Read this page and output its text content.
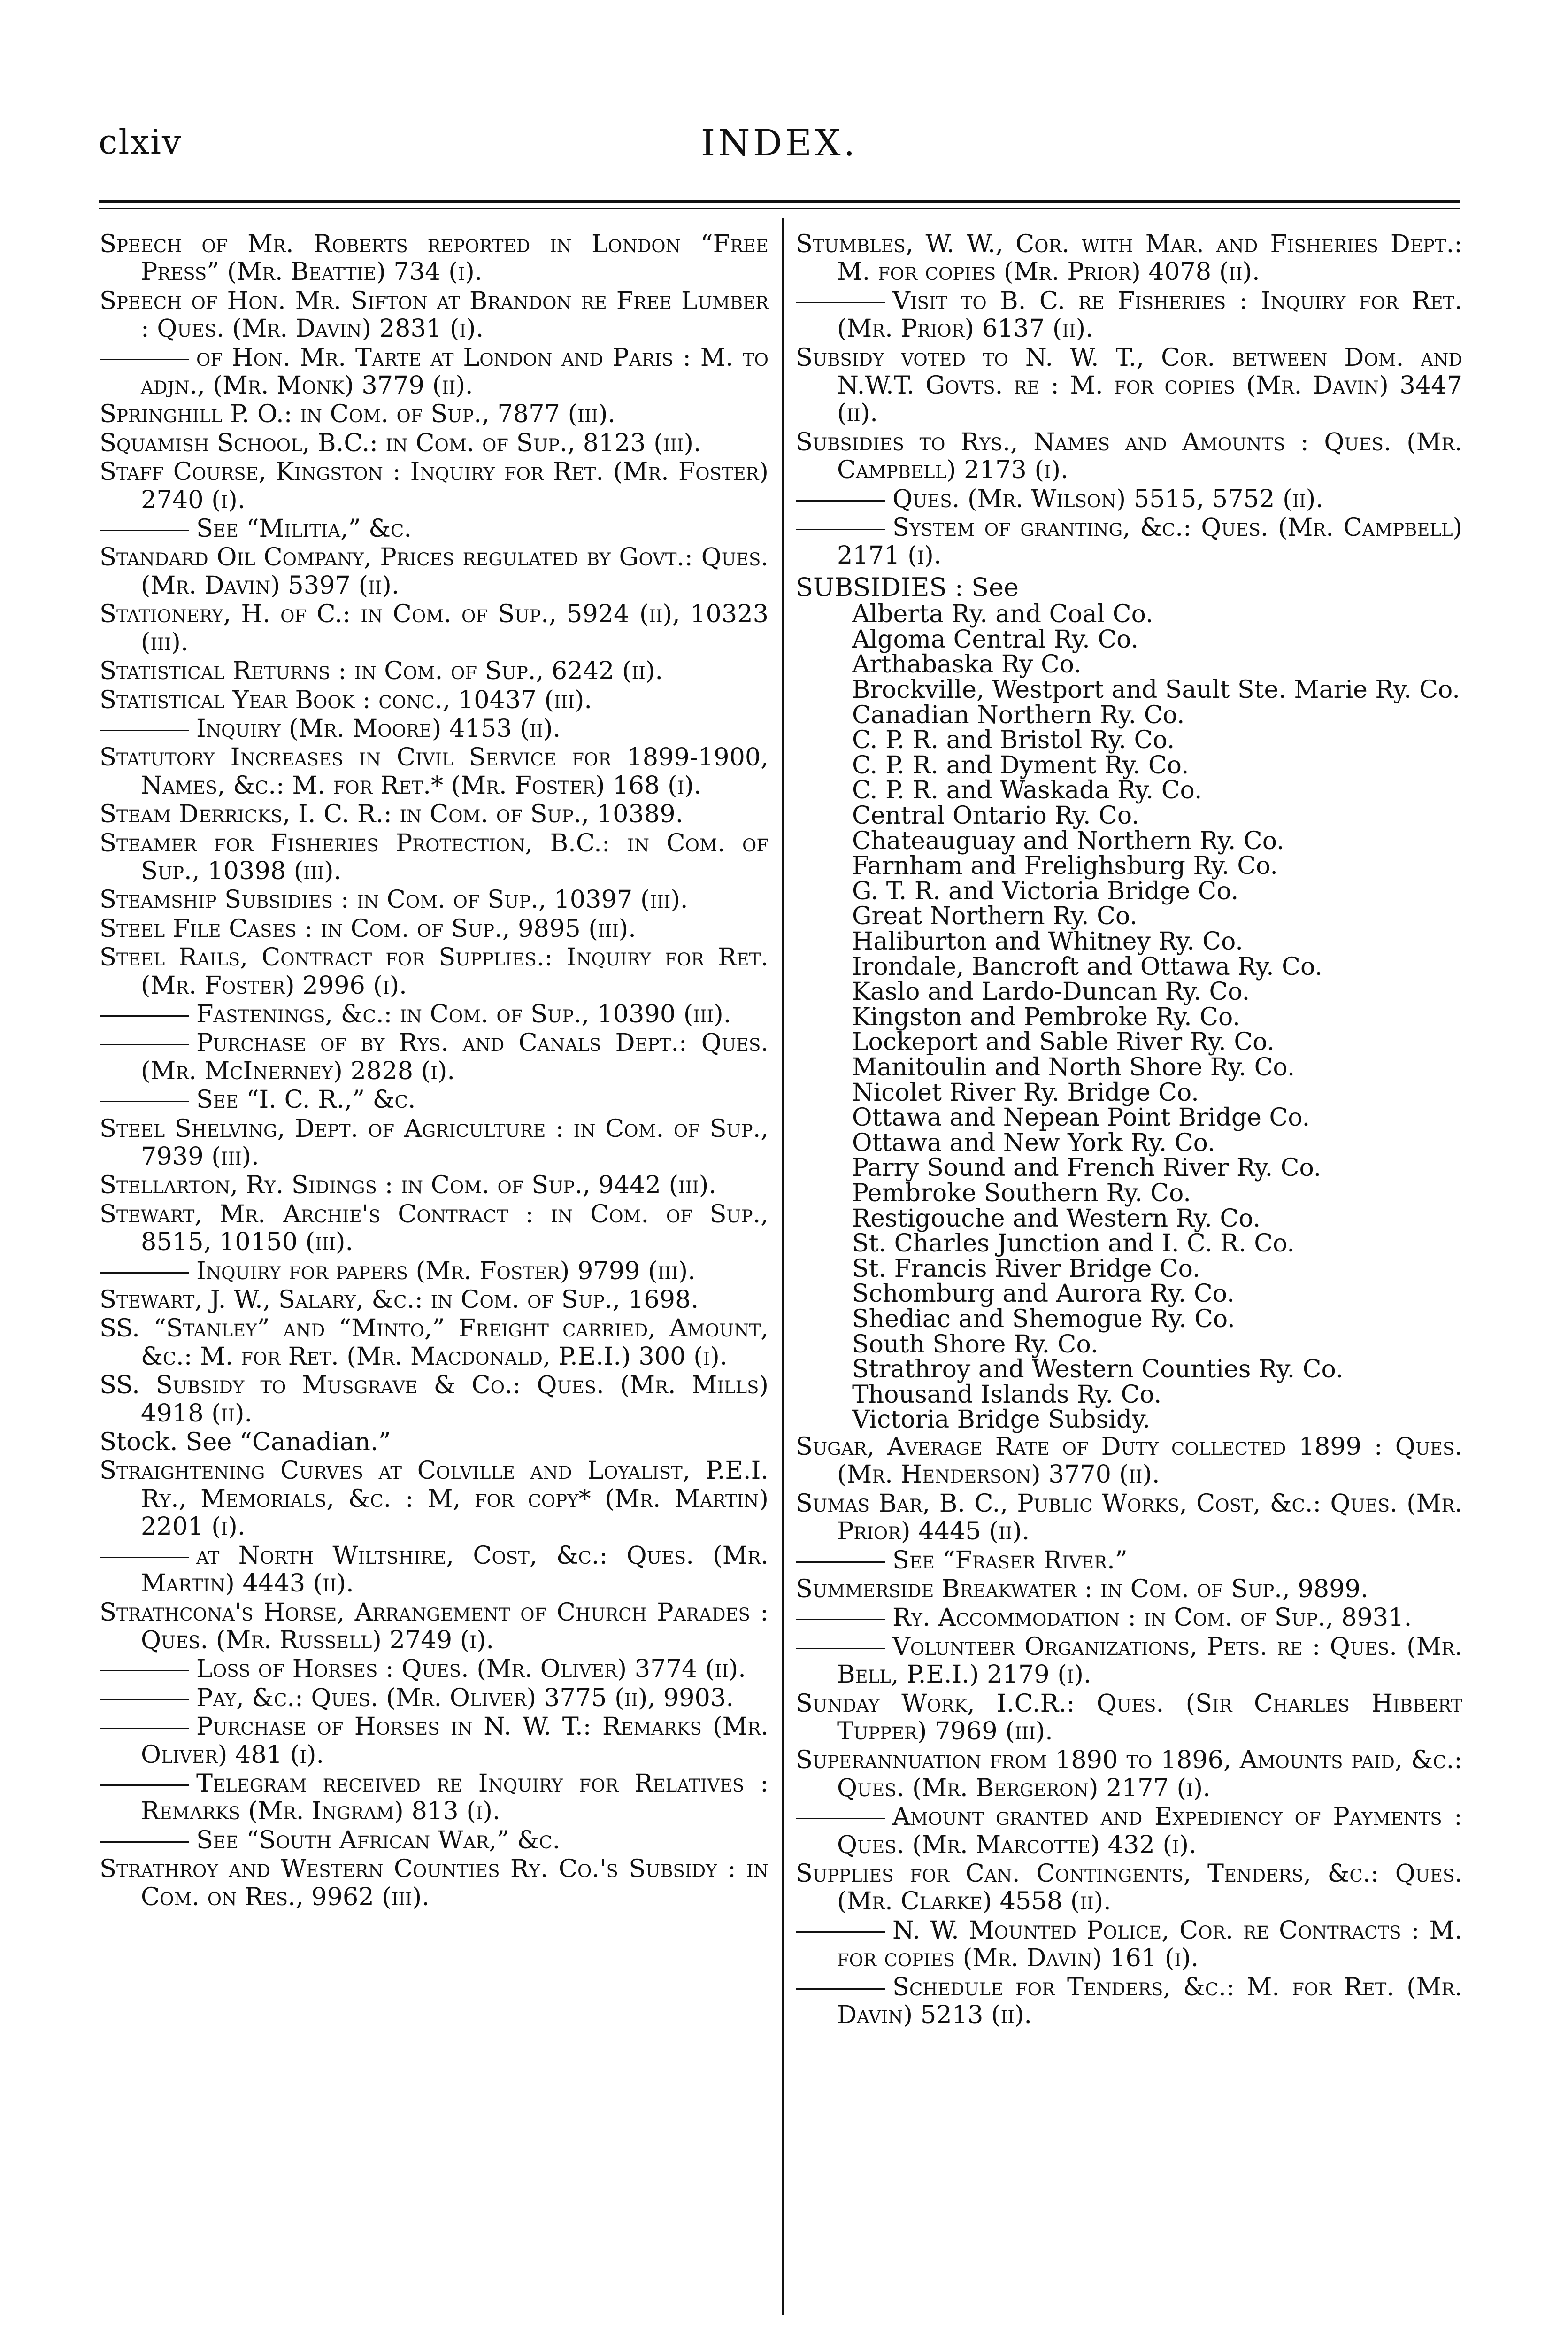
clxiv	INDEX.

Speech of Mr. Roberts reported in London “Free Press” (Mr. Beattie) 734 (i).

Speech of Hon. Mr. Sifton at Brandon re Free Lumber : Ques. (Mr. Davin) 2831 (i).

of Hon. Mr. Tarte at London and Paris : M. to adjn., (Mr. Monk) 3779 (ii).

Springhill P. O.: in Com. of Sup., 7877 (iii).

Squamish School, B.C.: in Com. of Sup., 8123 (iii).

Staff Course, Kingston : Inquiry for Ret. (Mr. Foster) 2740 (i).

See “Militia,” &c.

Standard Oil Company, Prices regulated by Govt.: Ques. (Mr. Davin) 5397 (ii).

Stationery, H. of C.: in Com. of Sup., 5924 (ii), 10323 (iii).

Statistical Returns : in Com. of Sup., 6242 (ii).

Statistical Year Book : conc., 10437 (iii).

Inquiry (Mr. Moore) 4153 (ii).

Statutory Increases in Civil Service for 1899-1900, Names, &c.: M. for Ret.* (Mr. Foster) 168 (i).

Steam Derricks, I. C. R.: in Com. of Sup., 10389.

Steamer for Fisheries Protection, B.C.: in Com. of Sup., 10398 (iii).

Steamship Subsidies : in Com. of Sup., 10397 (iii).

Steel File Cases : in Com. of Sup., 9895 (iii).

Steel Rails, Contract for Supplies.: Inquiry for Ret. (Mr. Foster) 2996 (i).

Fastenings, &c.: in Com. of Sup., 10390 (iii).

Purchase of by Rys. and Canals Dept.: Ques. (Mr. McInerney) 2828 (i).

See “I. C. R.,” &c.

Steel Shelving, Dept. of Agriculture : in Com. of Sup., 7939 (iii).

Stellarton, Ry. Sidings : in Com. of Sup., 9442 (iii).

Stewart, Mr. Archie's Contract : in Com. of Sup., 8515, 10150 (iii).

Inquiry for papers (Mr. Foster) 9799 (iii).

Stewart, J. W., Salary, &c.: in Com. of Sup., 1698.

SS. “Stanley” and “Minto,” Freight carried, Amount, &c.: M. for Ret. (Mr. Macdonald, P.E.I.) 300 (i).

SS. Subsidy to Musgrave & Co.: Ques. (Mr. Mills) 4918 (ii).

Stock. See “Canadian.”

Straightening Curves at Colville and Loyalist, P.E.I. Ry., Memorials, &c. : M, for copy* (Mr. Martin) 2201 (i).

at North Wiltshire, Cost, &c.: Ques. (Mr. Martin) 4443 (ii).

Strathcona's Horse, Arrangement of Church Parades : Ques. (Mr. Russell) 2749 (i).

Loss of Horses : Ques. (Mr. Oliver) 3774 (ii).

Pay, &c.: Ques. (Mr. Oliver) 3775 (ii), 9903.

Purchase of Horses in N. W. T.: Remarks (Mr. Oliver) 481 (i).

Telegram received re Inquiry for Relatives : Remarks (Mr. Ingram) 813 (i).

See “South African War,” &c.

Strathroy and Western Counties Ry. Co.'s Subsidy : in Com. on Res., 9962 (iii).

Stumbles, W. W., Cor. with Mar. and Fisheries Dept.: M. for copies (Mr. Prior) 4078 (ii).

Visit to B. C. re Fisheries : Inquiry for Ret. (Mr. Prior) 6137 (ii).

Subsidy voted to N. W. T., Cor. between Dom. and N.W.T. Govts. re : M. for copies (Mr. Davin) 3447 (ii).

Subsidies to Rys., Names and Amounts : Ques. (Mr. Campbell) 2173 (i).

Ques. (Mr. Wilson) 5515, 5752 (ii).

System of granting, &c.: Ques. (Mr. Campbell) 2171 (i).

SUBSIDIES : See
Alberta Ry. and Coal Co.
Algoma Central Ry. Co.
Arthabaska Ry Co.
Brockville, Westport and Sault Ste. Marie Ry. Co.
Canadian Northern Ry. Co.
C. P. R. and Bristol Ry. Co.
C. P. R. and Dyment Ry. Co.
C. P. R. and Waskada Ry. Co.
Central Ontario Ry. Co.
Chateauguay and Northern Ry. Co.
Farnham and Frelighsburg Ry. Co.
G. T. R. and Victoria Bridge Co.
Great Northern Ry. Co.
Haliburton and Whitney Ry. Co.
Irondale, Bancroft and Ottawa Ry. Co.
Kaslo and Lardo-Duncan Ry. Co.
Kingston and Pembroke Ry. Co.
Lockeport and Sable River Ry. Co.
Manitoulin and North Shore Ry. Co.
Nicolet River Ry. Bridge Co.
Ottawa and Nepean Point Bridge Co.
Ottawa and New York Ry. Co.
Parry Sound and French River Ry. Co.
Pembroke Southern Ry. Co.
Restigouche and Western Ry. Co.
St. Charles Junction and I. C. R. Co.
St. Francis River Bridge Co.
Schomburg and Aurora Ry. Co.
Shediac and Shemogue Ry. Co.
South Shore Ry. Co.
Strathroy and Western Counties Ry. Co.
Thousand Islands Ry. Co.
Victoria Bridge Subsidy.

Sugar, Average Rate of Duty collected 1899 : Ques. (Mr. Henderson) 3770 (ii).

Sumas Bar, B. C., Public Works, Cost, &c.: Ques. (Mr. Prior) 4445 (ii).

See “Fraser River.”

Summerside Breakwater : in Com. of Sup., 9899.

Ry. Accommodation : in Com. of Sup., 8931.

Volunteer Organizations, Pets. re : Ques. (Mr. Bell, P.E.I.) 2179 (i).

Sunday Work, I.C.R.: Ques. (Sir Charles Hibbert Tupper) 7969 (iii).

Superannuation from 1890 to 1896, Amounts paid, &c.: Ques. (Mr. Bergeron) 2177 (i).

Amount granted and Expediency of Payments : Ques. (Mr. Marcotte) 432 (i).

Supplies for Can. Contingents, Tenders, &c.: Ques. (Mr. Clarke) 4558 (ii).

N. W. Mounted Police, Cor. re Contracts : M. for copies (Mr. Davin) 161 (i).

Schedule for Tenders, &c.: M. for Ret. (Mr. Davin) 5213 (ii).
